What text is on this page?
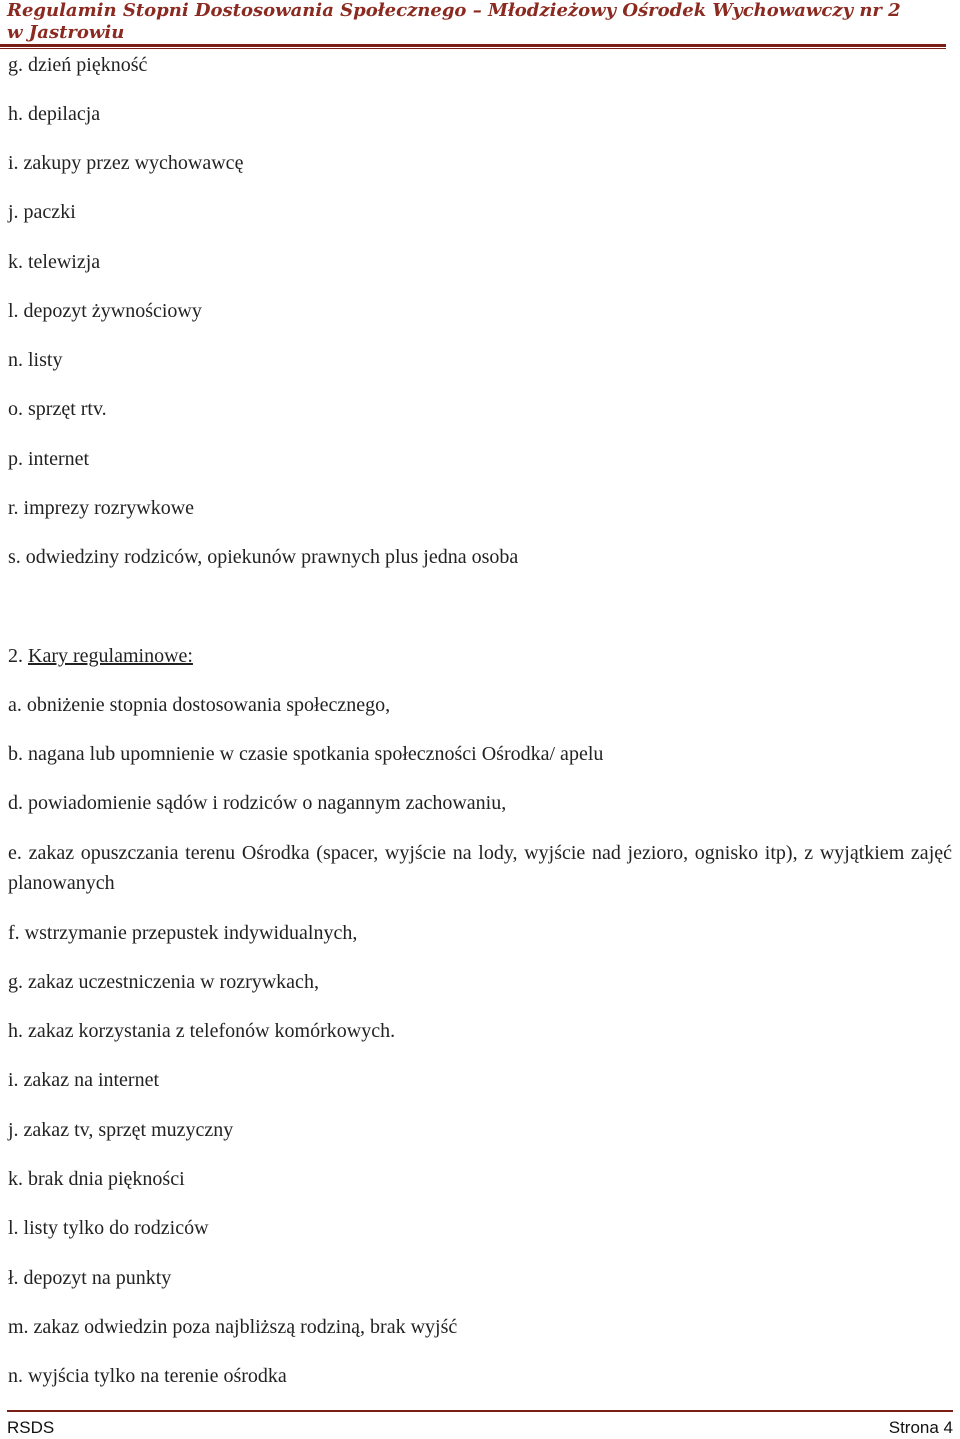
Regulamin Stopni Dostosowania Społecznego – Młodzieżowy Ośrodek Wychowawczy nr 2
w Jastrowiu
g. dzień piękność
h. depilacja
i. zakupy przez wychowawcę
j. paczki
k. telewizja
l. depozyt żywnościowy
n. listy
o. sprzęt rtv.
p. internet
r. imprezy rozrywkowe
s. odwiedziny rodziców, opiekunów prawnych plus jedna osoba
2. Kary regulaminowe:
a. obniżenie stopnia dostosowania społecznego,
b. nagana lub upomnienie w czasie spotkania społeczności Ośrodka/ apelu
d. powiadomienie sądów i rodziców o nagannym zachowaniu,
e. zakaz opuszczania terenu Ośrodka (spacer, wyjście na lody, wyjście nad jezioro, ognisko itp), z wyjątkiem zajęć planowanych
f. wstrzymanie przepustek indywidualnych,
g. zakaz uczestniczenia w rozrywkach,
h. zakaz korzystania z telefonów komórkowych.
i. zakaz na internet
j. zakaz tv, sprzęt muzyczny
k. brak dnia piękności
l. listy tylko do rodziców
ł. depozyt na punkty
m. zakaz odwiedzin poza najbliższą rodziną, brak wyjść
n. wyjścia tylko na terenie ośrodka
RSDS	Strona 4
